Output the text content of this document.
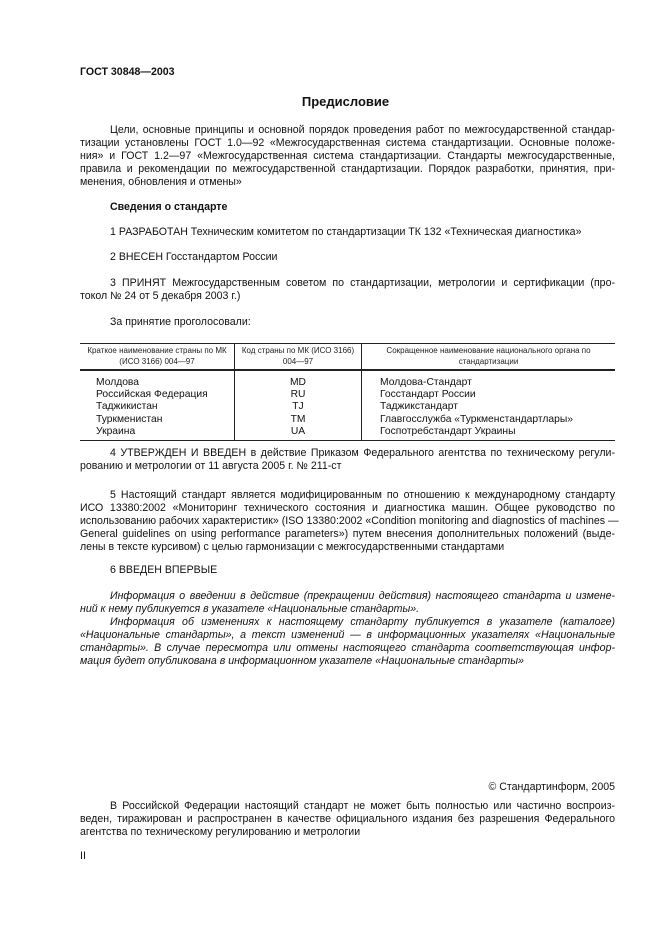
ГОСТ 30848—2003
Предисловие
Цели, основные принципы и основной порядок проведения работ по межгосударственной стандар-
тизации установлены ГОСТ 1.0—92 «Межгосударственная система стандартизации. Основные положе-
ния» и ГОСТ 1.2—97 «Межгосударственная система стандартизации. Стандарты межгосударственные,
правила и рекомендации по межгосударственной стандартизации. Порядок разработки, принятия, при-
менения, обновления и отмены»
Сведения о стандарте
1 РАЗРАБОТАН Техническим комитетом по стандартизации ТК 132 «Техническая диагностика»
2 ВНЕСЕН Госстандартом России
3 ПРИНЯТ Межгосударственным советом по стандартизации, метрологии и сертификации (про-
токол № 24 от 5 декабря 2003 г.)
За принятие проголосовали:
Краткое наименование страны по МК (ИСО 3166) 004—97	Код страны по МК (ИСО 3166) 004—97	Сокращенное наименование национального органа по стандартизации
Молдова	MD	Молдова-Стандарт
Российская Федерация	RU	Госстандарт России
Таджикистан	TJ	Таджикстандарт
Туркменистан	TM	Главгосслужба «Туркменстандартлары»
Украина	UA	Госпотребстандарт Украины
4 УТВЕРЖДЕН И ВВЕДЕН в действие Приказом Федерального агентства по техническому регули-
рованию и метрологии от 11 августа 2005 г. № 211-ст
5 Настоящий стандарт является модифицированным по отношению к международному стандарту
ИСО 13380:2002 «Мониторинг технического состояния и диагностика машин. Общее руководство по
использованию рабочих характеристик» (ISO 13380:2002 «Condition monitoring and diagnostics of machines —
General guidelines on using performance parameters») путем внесения дополнительных положений (выде-
лены в тексте курсивом) с целью гармонизации с межгосударственными стандартами
6 ВВЕДЕН ВПЕРВЫЕ
Информация о введении в действие (прекращении действия) настоящего стандарта и измене-
ний к нему публикуется в указателе «Национальные стандарты».
Информация об изменениях к настоящему стандарту публикуется в указателе (каталоге)
«Национальные стандарты», а текст изменений — в информационных указателях «Национальные
стандарты». В случае пересмотра или отмены настоящего стандарта соответствующая инфор-
мация будет опубликована в информационном указателе «Национальные стандарты»
© Стандартинформ, 2005
В Российской Федерации настоящий стандарт не может быть полностью или частично воспроиз-
веден, тиражирован и распространен в качестве официального издания без разрешения Федерального
агентства по техническому регулированию и метрологии
II
